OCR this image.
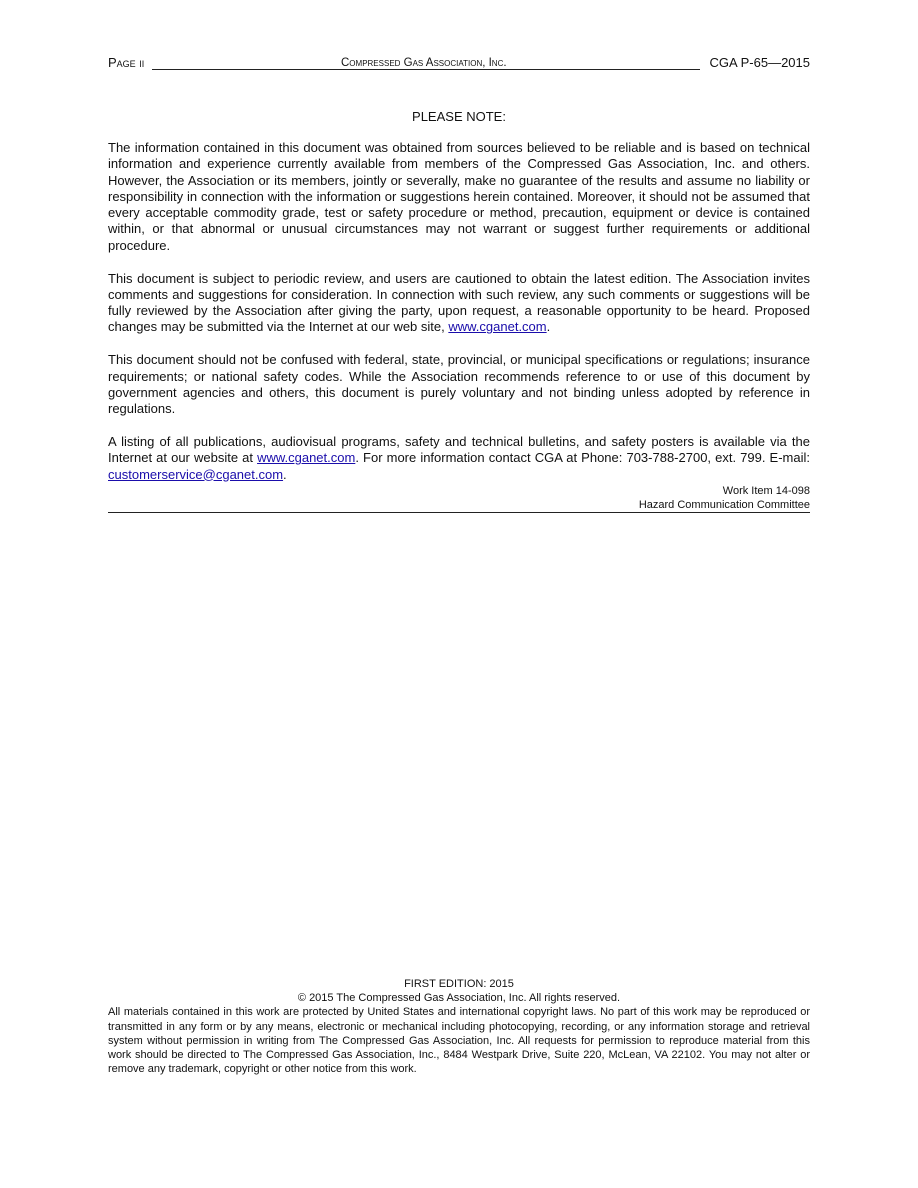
Page ii	Compressed Gas Association, Inc.	CGA P-65—2015
PLEASE NOTE:

The information contained in this document was obtained from sources believed to be reliable and is based on technical information and experience currently available from members of the Compressed Gas Association, Inc. and others. However, the Association or its members, jointly or severally, make no guarantee of the results and assume no liability or responsibility in connection with the information or suggestions herein contained. Moreover, it should not be assumed that every acceptable commodity grade, test or safety procedure or method, precaution, equipment or device is contained within, or that abnormal or unusual circumstances may not warrant or suggest further requirements or additional procedure.

This document is subject to periodic review, and users are cautioned to obtain the latest edition. The Association invites comments and suggestions for consideration. In connection with such review, any such comments or suggestions will be fully reviewed by the Association after giving the party, upon request, a reasonable opportunity to be heard. Proposed changes may be submitted via the Internet at our web site, www.cganet.com.

This document should not be confused with federal, state, provincial, or municipal specifications or regulations; insurance requirements; or national safety codes. While the Association recommends reference to or use of this document by government agencies and others, this document is purely voluntary and not binding unless adopted by reference in regulations.

A listing of all publications, audiovisual programs, safety and technical bulletins, and safety posters is available via the Internet at our website at www.cganet.com. For more information contact CGA at Phone: 703-788-2700, ext. 799. E-mail: customerservice@cganet.com.

Work Item 14-098
Hazard Communication Committee
FIRST EDITION: 2015
© 2015 The Compressed Gas Association, Inc. All rights reserved.
All materials contained in this work are protected by United States and international copyright laws. No part of this work may be reproduced or transmitted in any form or by any means, electronic or mechanical including photocopying, recording, or any information storage and retrieval system without permission in writing from The Compressed Gas Association, Inc. All requests for permission to reproduce material from this work should be directed to The Compressed Gas Association, Inc., 8484 Westpark Drive, Suite 220, McLean, VA 22102. You may not alter or remove any trademark, copyright or other notice from this work.
